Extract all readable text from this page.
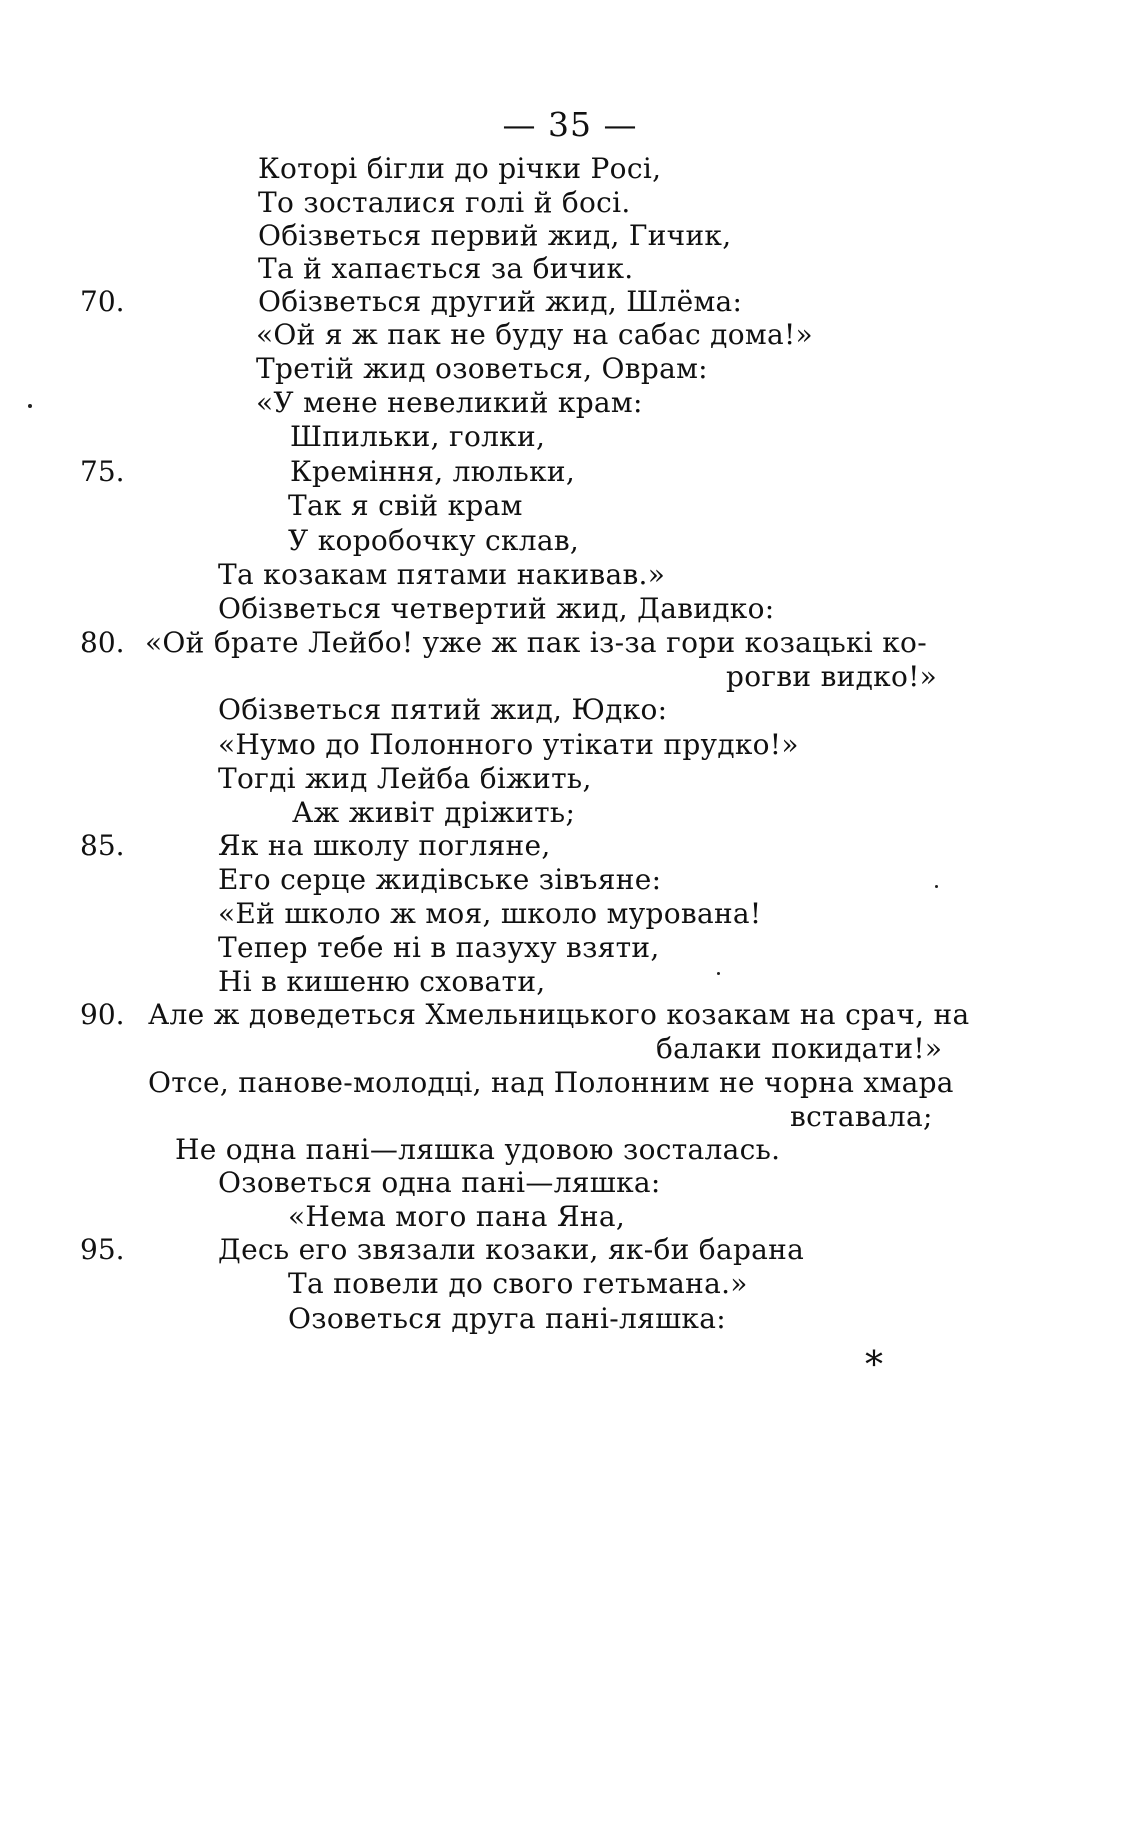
— 35 —
70.
75.
80.
85.
90.
95.
Которі бігли до річки Росі,
То зосталися голі й босі.
Обізветься первий жид, Гичик,
Та й хапається за бичик.
Обізветься другий жид, Шлёма:
«Ой я ж пак не буду на сабас дома!»
Третій жид озоветься, Оврам:
«У мене невеликий крам:
Шпильки, голки,
Креміння, люльки,
Так я свій крам
У коробочку склав,
Та козакам пятами накивав.»
Обізветься четвертий жид, Давидко:
«Ой брате Лейбо! уже ж пак із-за гори козацькі ко-
рогви видко!»
Обізветься пятий жид, Юдко:
«Нумо до Полонного утікати прудко!»
Тогді жид Лейба біжить,
Аж живіт дріжить;
Як на школу погляне,
Его серце жидівське зівъяне:
«Ей школо ж моя, школо мурована!
Тепер тебе ні в пазуху взяти,
Ні в кишеню сховати,
Але ж доведеться Хмельницького козакам на срач, на
балаки покидати!»
Отсе, панове-молодці, над Полонним не чорна хмара
вставала;
Не одна пані—ляшка удовою зосталась.
Озоветься одна пані—ляшка:
«Нема мого пана Яна,
Десь его звязали козаки, як-би барана
Та повели до свого гетьмана.»
Озоветься друга пані-ляшка:
*
